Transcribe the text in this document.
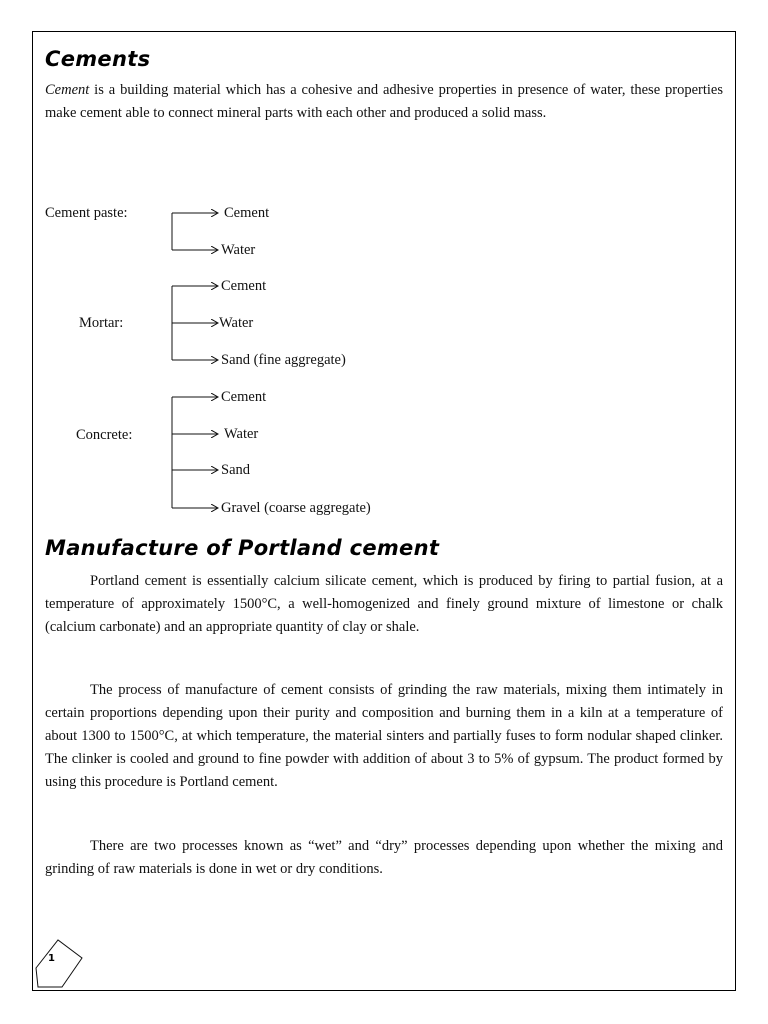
Cements
Cement is a building material which has a cohesive and adhesive properties in presence of water, these properties make cement able to connect mineral parts with each other and produced a solid mass.
Cement paste:	Cement
Water
Mortar:
Cement
Water
Sand (fine aggregate)
Concrete:
Cement
Water
Sand
Gravel (coarse aggregate)
Manufacture of Portland cement
Portland cement is essentially calcium silicate cement, which is produced by firing to partial fusion, at a temperature of approximately 1500°C, a well-homogenized and finely ground mixture of limestone or chalk (calcium carbonate) and an appropriate quantity of clay or shale.
The process of manufacture of cement consists of grinding the raw materials, mixing them intimately in certain proportions depending upon their purity and composition and burning them in a kiln at a temperature of about 1300 to 1500°C, at which temperature, the material sinters and partially fuses to form nodular shaped clinker. The clinker is cooled and ground to fine powder with addition of about 3 to 5% of gypsum. The product formed by using this procedure is Portland cement.
There are two processes known as “wet” and “dry” processes depending upon whether the mixing and grinding of raw materials is done in wet or dry conditions.
1
